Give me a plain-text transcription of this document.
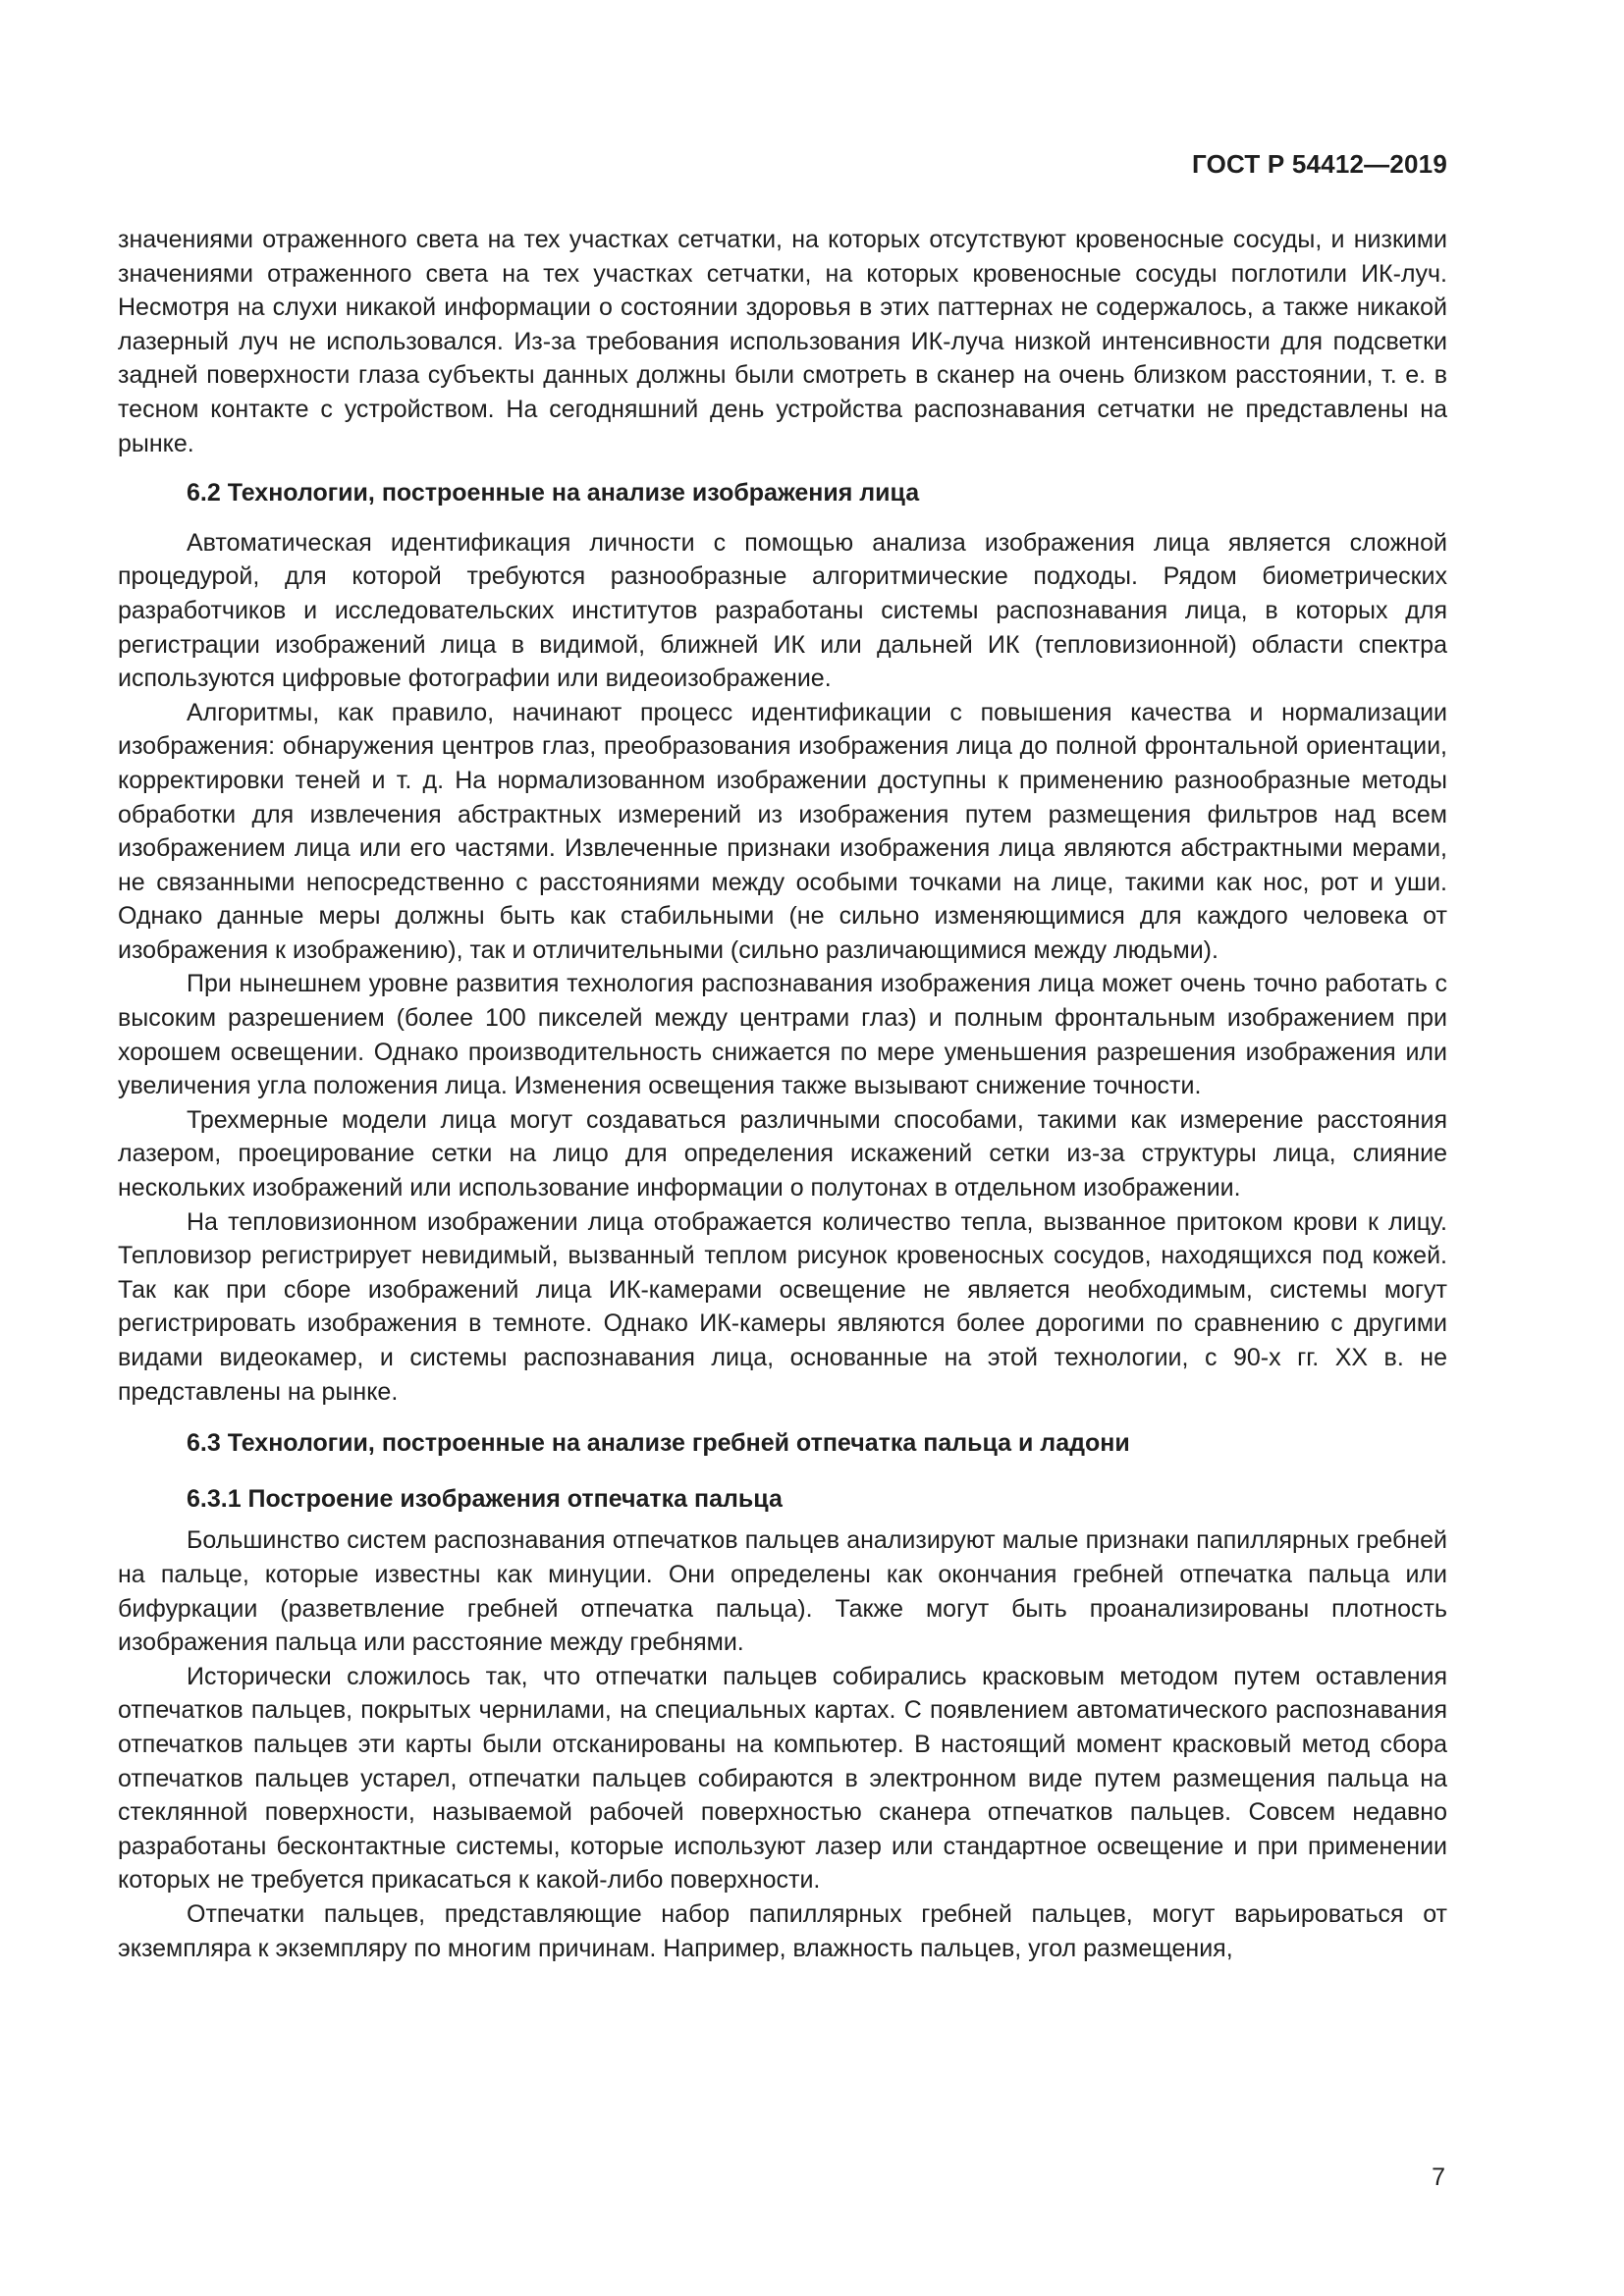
ГОСТ Р 54412—2019

значениями отраженного света на тех участках сетчатки, на которых отсутствуют кровеносные сосуды, и низкими значениями отраженного света на тех участках сетчатки, на которых кровеносные сосуды поглотили ИК-луч. Несмотря на слухи никакой информации о состоянии здоровья в этих паттернах не содержалось, а также никакой лазерный луч не использовался. Из-за требования использования ИК-луча низкой интенсивности для подсветки задней поверхности глаза субъекты данных должны были смотреть в сканер на очень близком расстоянии, т. е. в тесном контакте с устройством. На сегодняшний день устройства распознавания сетчатки не представлены на рынке.

6.2 Технологии, построенные на анализе изображения лица

Автоматическая идентификация личности с помощью анализа изображения лица является сложной процедурой, для которой требуются разнообразные алгоритмические подходы. Рядом биометрических разработчиков и исследовательских институтов разработаны системы распознавания лица, в которых для регистрации изображений лица в видимой, ближней ИК или дальней ИК (тепловизионной) области спектра используются цифровые фотографии или видеоизображение.

Алгоритмы, как правило, начинают процесс идентификации с повышения качества и нормализации изображения: обнаружения центров глаз, преобразования изображения лица до полной фронтальной ориентации, корректировки теней и т. д. На нормализованном изображении доступны к применению разнообразные методы обработки для извлечения абстрактных измерений из изображения путем размещения фильтров над всем изображением лица или его частями. Извлеченные признаки изображения лица являются абстрактными мерами, не связанными непосредственно с расстояниями между особыми точками на лице, такими как нос, рот и уши. Однако данные меры должны быть как стабильными (не сильно изменяющимися для каждого человека от изображения к изображению), так и отличительными (сильно различающимися между людьми).

При нынешнем уровне развития технология распознавания изображения лица может очень точно работать с высоким разрешением (более 100 пикселей между центрами глаз) и полным фронтальным изображением при хорошем освещении. Однако производительность снижается по мере уменьшения разрешения изображения или увеличения угла положения лица. Изменения освещения также вызывают снижение точности.

Трехмерные модели лица могут создаваться различными способами, такими как измерение расстояния лазером, проецирование сетки на лицо для определения искажений сетки из-за структуры лица, слияние нескольких изображений или использование информации о полутонах в отдельном изображении.

На тепловизионном изображении лица отображается количество тепла, вызванное притоком крови к лицу. Тепловизор регистрирует невидимый, вызванный теплом рисунок кровеносных сосудов, находящихся под кожей. Так как при сборе изображений лица ИК-камерами освещение не является необходимым, системы могут регистрировать изображения в темноте. Однако ИК-камеры являются более дорогими по сравнению с другими видами видеокамер, и системы распознавания лица, основанные на этой технологии, с 90-х гг. XX в. не представлены на рынке.

6.3 Технологии, построенные на анализе гребней отпечатка пальца и ладони
6.3.1 Построение изображения отпечатка пальца

Большинство систем распознавания отпечатков пальцев анализируют малые признаки папиллярных гребней на пальце, которые известны как минуции. Они определены как окончания гребней отпечатка пальца или бифуркации (разветвление гребней отпечатка пальца). Также могут быть проанализированы плотность изображения пальца или расстояние между гребнями.

Исторически сложилось так, что отпечатки пальцев собирались красковым методом путем оставления отпечатков пальцев, покрытых чернилами, на специальных картах. С появлением автоматического распознавания отпечатков пальцев эти карты были отсканированы на компьютер. В настоящий момент красковый метод сбора отпечатков пальцев устарел, отпечатки пальцев собираются в электронном виде путем размещения пальца на стеклянной поверхности, называемой рабочей поверхностью сканера отпечатков пальцев. Совсем недавно разработаны бесконтактные системы, которые используют лазер или стандартное освещение и при применении которых не требуется прикасаться к какой-либо поверхности.

Отпечатки пальцев, представляющие набор папиллярных гребней пальцев, могут варьироваться от экземпляра к экземпляру по многим причинам. Например, влажность пальцев, угол размещения,

7
